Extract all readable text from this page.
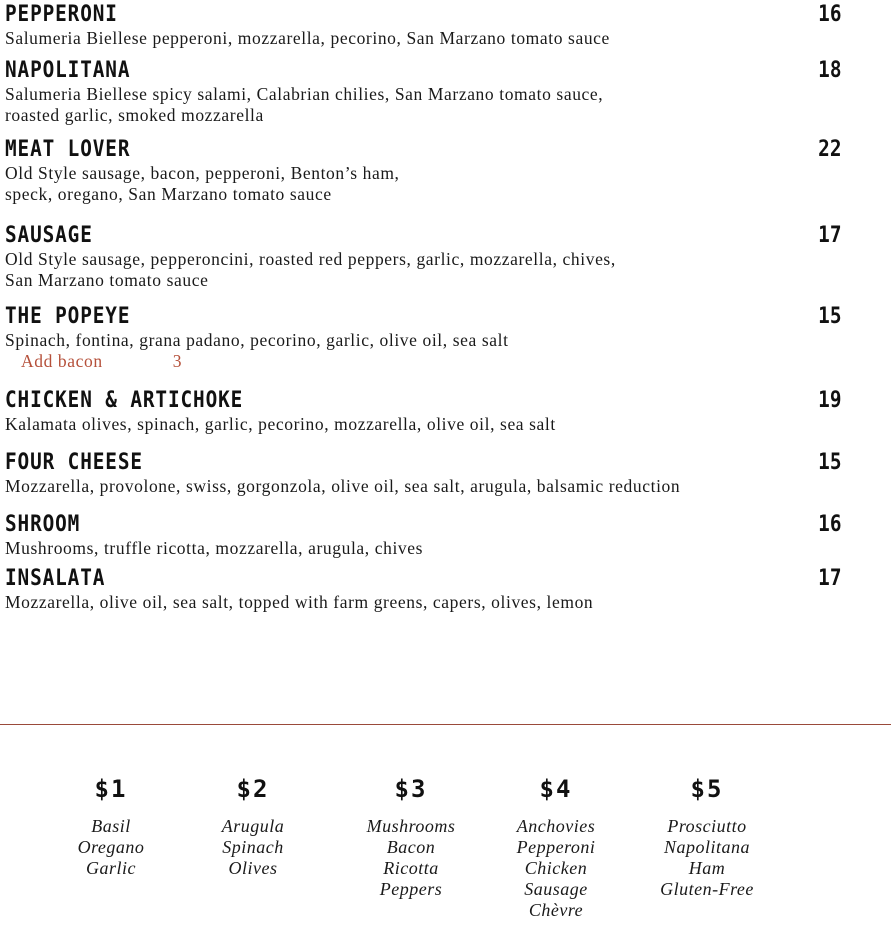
PEPPERONI	16

Salumeria Biellese pepperoni, mozzarella, pecorino, San Marzano tomato sauce

NAPOLITANA	18

Salumeria Biellese spicy salami, Calabrian chilies, San Marzano tomato sauce,
roasted garlic, smoked mozzarella

MEAT LOVER	22

Old Style sausage, bacon, pepperoni, Benton’s ham,
speck, oregano, San Marzano tomato sauce

SAUSAGE	17

Old Style sausage, pepperoncini, roasted red peppers, garlic, mozzarella, chives,
San Marzano tomato sauce

THE POPEYE	15

Spinach, fontina, grana padano, pecorino, garlic, olive oil, sea salt

Add bacon	3
CHICKEN & ARTICHOKE	19

Kalamata olives, spinach, garlic, pecorino, mozzarella, olive oil, sea salt

FOUR CHEESE	15

Mozzarella, provolone, swiss, gorgonzola, olive oil, sea salt, arugula, balsamic reduction

SHROOM	16

Mushrooms, truffle ricotta, mozzarella, arugula, chives

INSALATA	17

Mozzarella, olive oil, sea salt, topped with farm greens, capers, olives, lemon

$1
Basil
Oregano
Garlic
$2
Arugula
Spinach
Olives
$3
Mushrooms
Bacon
Ricotta
Peppers
$4
Anchovies
Pepperoni
Chicken
Sausage
Chèvre
$5
Prosciutto
Napolitana
Ham
Gluten-Free
